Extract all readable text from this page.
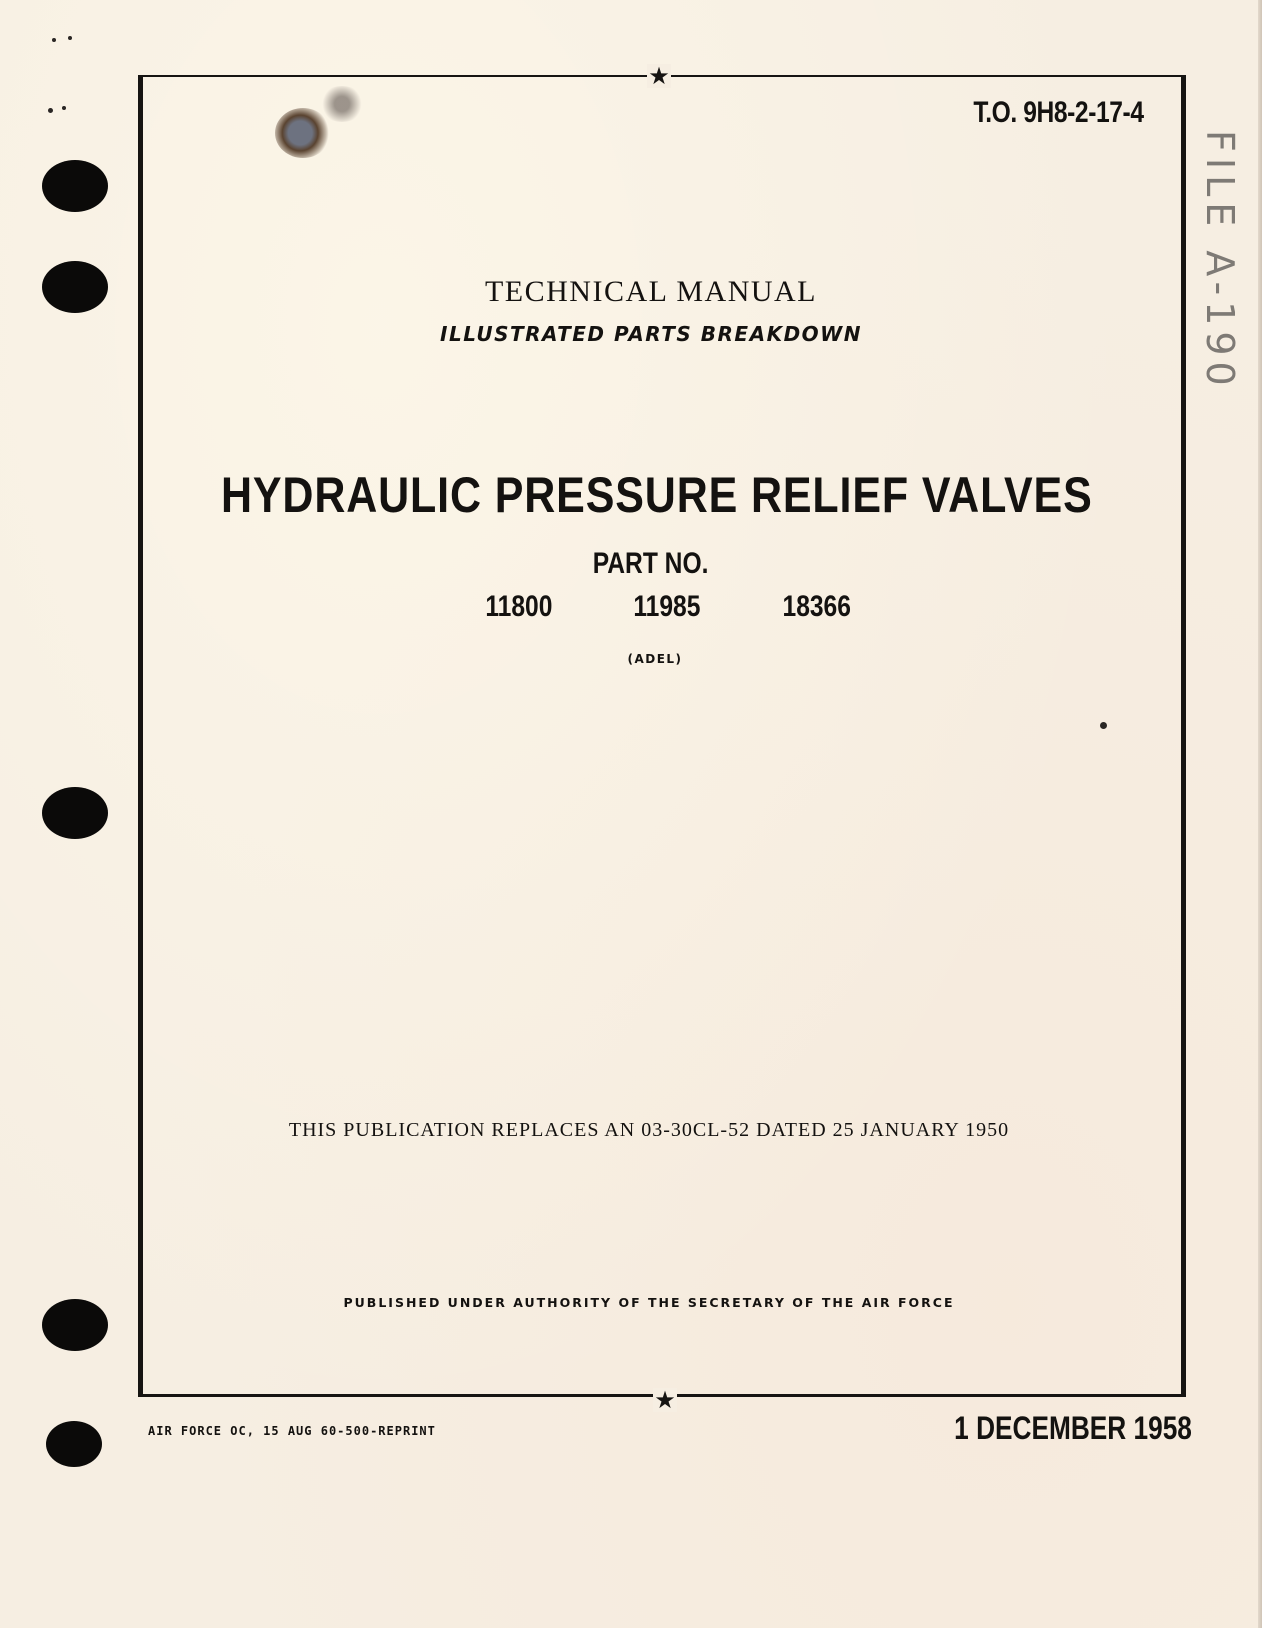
★
★
T.O. 9H8-2-17-4
FILE A-190
TECHNICAL MANUAL
ILLUSTRATED PARTS BREAKDOWN
HYDRAULIC PRESSURE RELIEF VALVES
PART NO.
11800	11985	18366
(ADEL)
THIS PUBLICATION REPLACES AN 03-30CL-52 DATED 25 JANUARY 1950
PUBLISHED UNDER AUTHORITY OF THE SECRETARY OF THE AIR FORCE
AIR FORCE OC, 15 AUG 60-500-REPRINT	1 DECEMBER 1958
